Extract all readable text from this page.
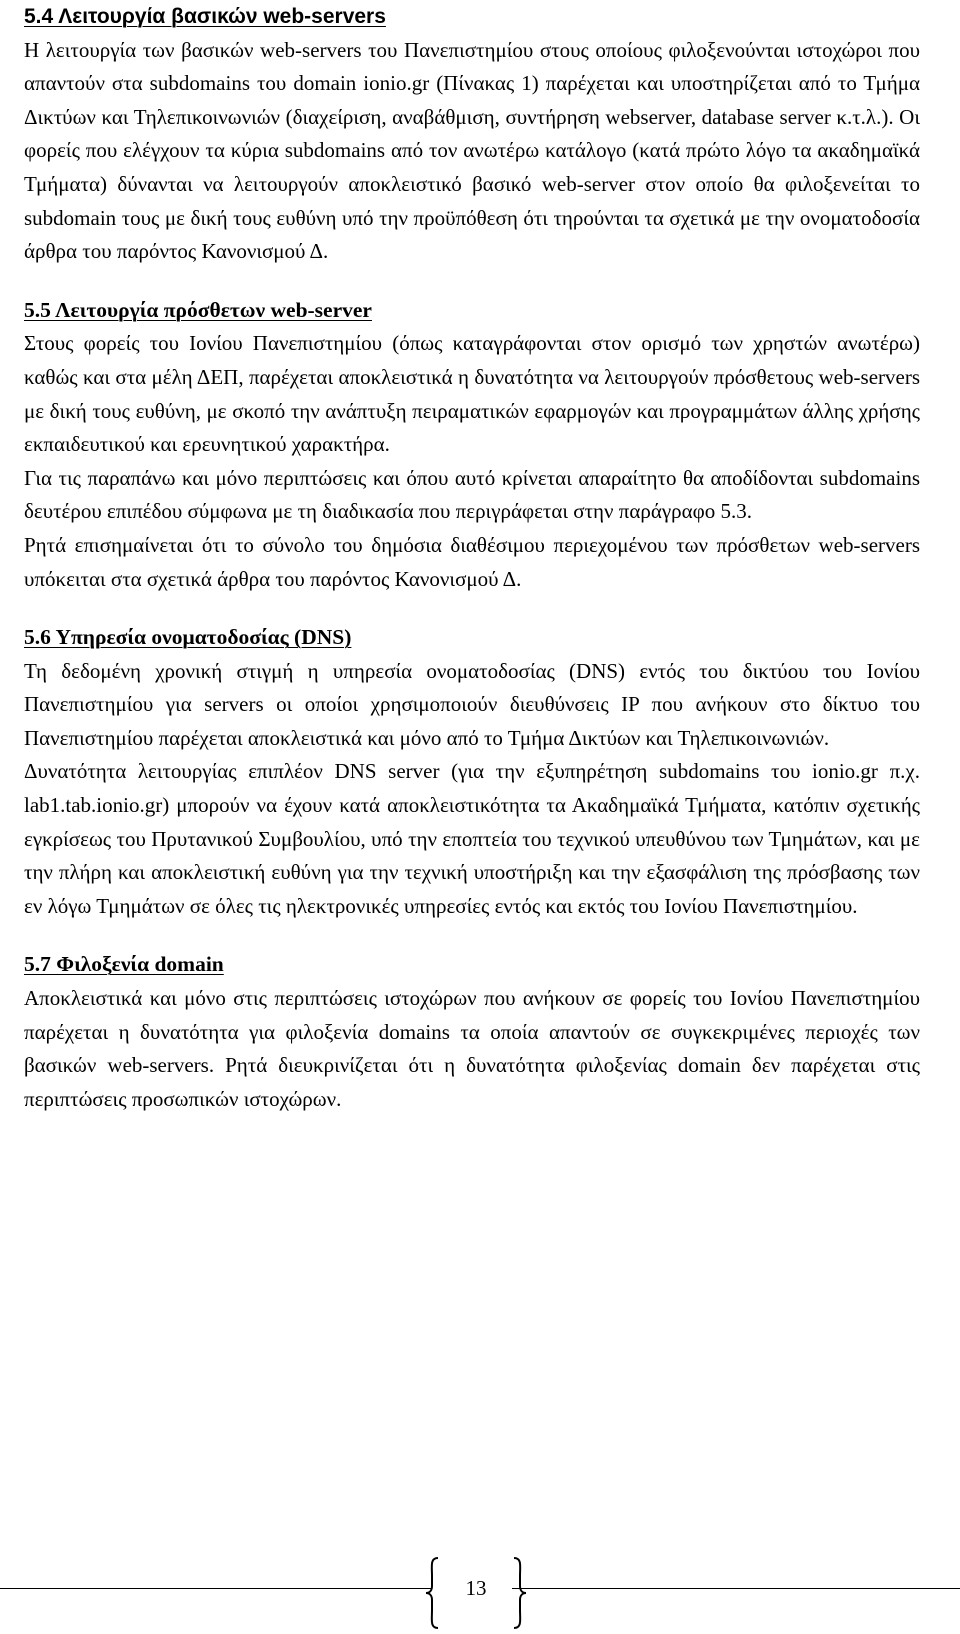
5.4 Λειτουργία βασικών web-servers

Η λειτουργία των βασικών web-servers του Πανεπιστημίου στους οποίους φιλοξενούνται ιστοχώροι που απαντούν στα subdomains του domain ionio.gr (Πίνακας 1) παρέχεται και υποστηρίζεται από το Τμήμα Δικτύων και Τηλεπικοινωνιών (διαχείριση, αναβάθμιση, συντήρηση webserver, database server κ.τ.λ.). Οι φορείς που ελέγχουν τα κύρια subdomains από τον ανωτέρω κατάλογο (κατά πρώτο λόγο τα ακαδημαϊκά Τμήματα) δύνανται να λειτουργούν αποκλειστικό βασικό web-server στον οποίο θα φιλοξενείται το subdomain τους με δική τους ευθύνη υπό την προϋπόθεση ότι τηρούνται τα σχετικά με την ονοματοδοσία άρθρα του παρόντος Κανονισμού Δ.

5.5 Λειτουργία πρόσθετων web-server

Στους φορείς του Ιονίου Πανεπιστημίου (όπως καταγράφονται στον ορισμό των χρηστών ανωτέρω) καθώς και στα μέλη ΔΕΠ, παρέχεται αποκλειστικά η δυνατότητα να λειτουργούν πρόσθετους web-servers με δική τους ευθύνη, με σκοπό την ανάπτυξη πειραματικών εφαρμογών και προγραμμάτων άλλης χρήσης εκπαιδευτικού και ερευνητικού χαρακτήρα.

Για τις παραπάνω και μόνο περιπτώσεις και όπου αυτό κρίνεται απαραίτητο θα αποδίδονται subdomains δευτέρου επιπέδου σύμφωνα με τη διαδικασία που περιγράφεται στην παράγραφο 5.3.

Ρητά επισημαίνεται ότι το σύνολο του δημόσια διαθέσιμου περιεχομένου των πρόσθετων web-servers υπόκειται στα σχετικά άρθρα του παρόντος Κανονισμού Δ.

5.6 Υπηρεσία ονοματοδοσίας (DNS)

Τη δεδομένη χρονική στιγμή η υπηρεσία ονοματοδοσίας (DNS) εντός του δικτύου του Ιονίου Πανεπιστημίου για servers οι οποίοι χρησιμοποιούν διευθύνσεις IP που ανήκουν στο δίκτυο του Πανεπιστημίου παρέχεται αποκλειστικά και μόνο από το Τμήμα Δικτύων και Τηλεπικοινωνιών.

Δυνατότητα λειτουργίας επιπλέον DNS server (για την εξυπηρέτηση subdomains του ionio.gr π.χ. lab1.tab.ionio.gr) μπορούν να έχουν κατά αποκλειστικότητα τα Ακαδημαϊκά Τμήματα, κατόπιν σχετικής εγκρίσεως του Πρυτανικού Συμβουλίου, υπό την εποπτεία του τεχνικού υπευθύνου των Τμημάτων, και με την πλήρη και αποκλειστική ευθύνη για την τεχνική υποστήριξη και την εξασφάλιση της πρόσβασης των εν λόγω Τμημάτων σε όλες τις ηλεκτρονικές υπηρεσίες εντός και εκτός του Ιονίου Πανεπιστημίου.

5.7 Φιλοξενία domain

Αποκλειστικά και μόνο στις περιπτώσεις ιστοχώρων που ανήκουν σε φορείς του Ιονίου Πανεπιστημίου παρέχεται η δυνατότητα για φιλοξενία domains τα οποία απαντούν σε συγκεκριμένες περιοχές των βασικών web-servers. Ρητά διευκρινίζεται ότι η δυνατότητα φιλοξενίας domain δεν παρέχεται στις περιπτώσεις προσωπικών ιστοχώρων.

13
